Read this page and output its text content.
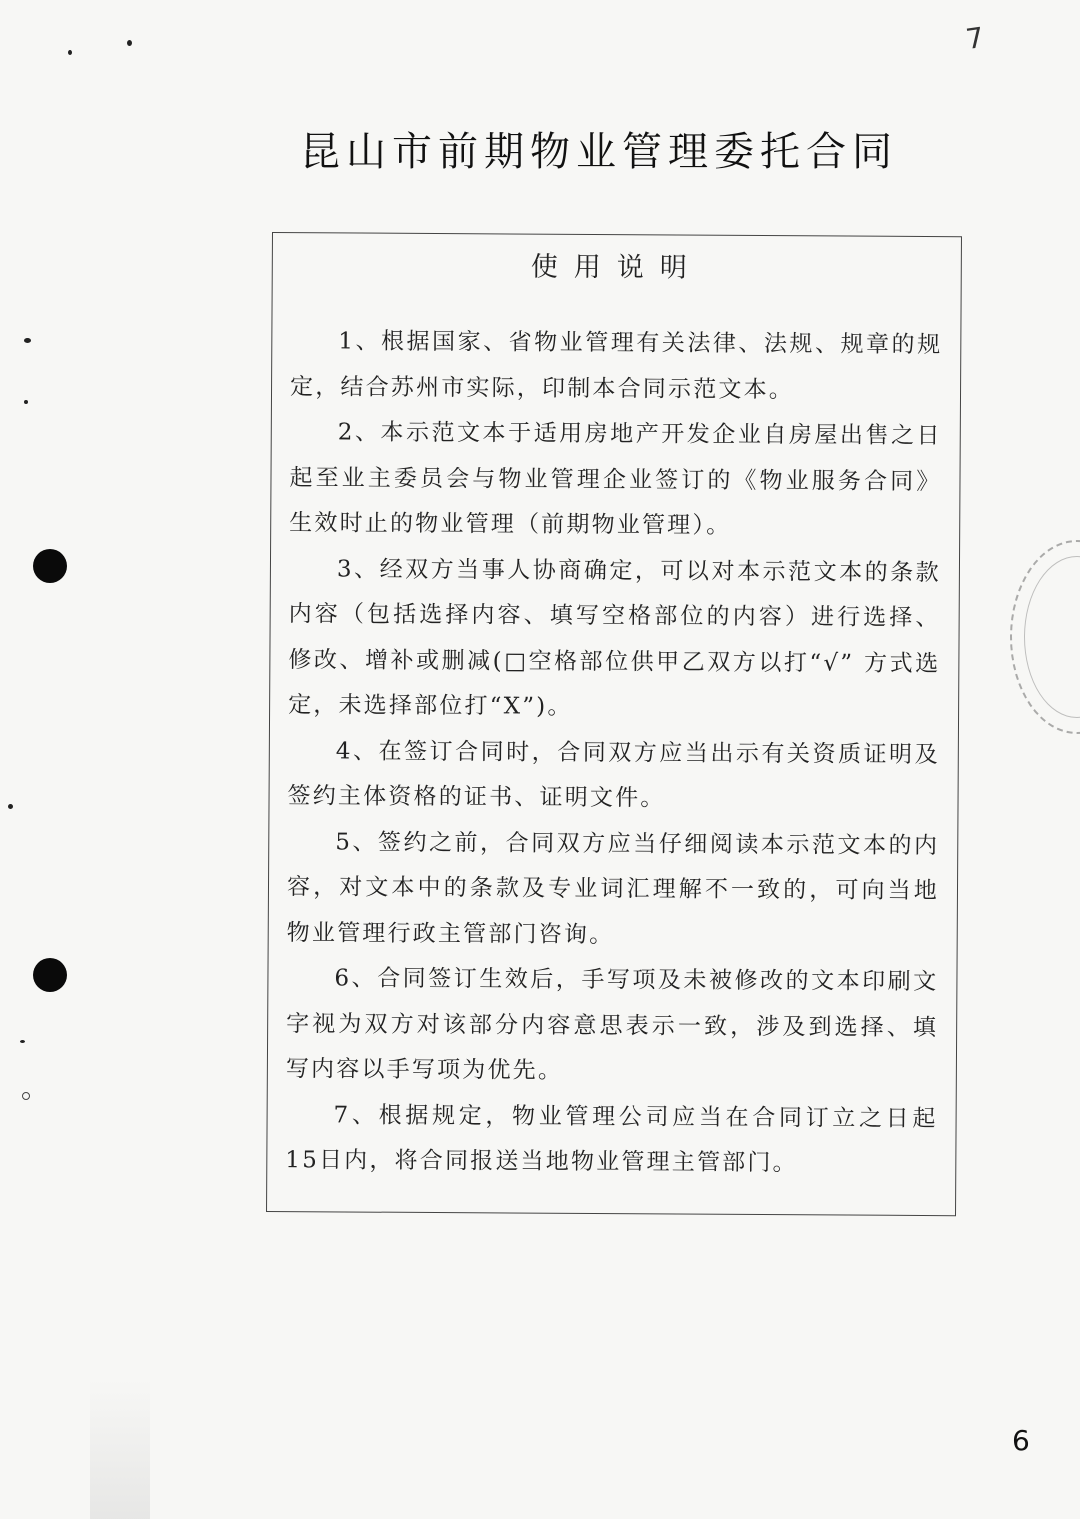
7
昆山市前期物业管理委托合同
使用说明
1、根据国家、省物业管理有关法律、法规、规章的规定，结合苏州市实际，印制本合同示范文本。
2、本示范文本于适用房地产开发企业自房屋出售之日起至业主委员会与物业管理企业签订的《物业服务合同》生效时止的物业管理（前期物业管理）。
3、经双方当事人协商确定，可以对本示范文本的条款内容（包括选择内容、填写空格部位的内容）进行选择、修改、增补或删减(□空格部位供甲乙双方以打“√” 方式选定，未选择部位打“X”)。
4、在签订合同时，合同双方应当出示有关资质证明及签约主体资格的证书、证明文件。
5、签约之前，合同双方应当仔细阅读本示范文本的内容，对文本中的条款及专业词汇理解不一致的，可向当地物业管理行政主管部门咨询。
6、合同签订生效后，手写项及未被修改的文本印刷文字视为双方对该部分内容意思表示一致，涉及到选择、填写内容以手写项为优先。
7、根据规定，物业管理公司应当在合同订立之日起 15日内，将合同报送当地物业管理主管部门。
6
